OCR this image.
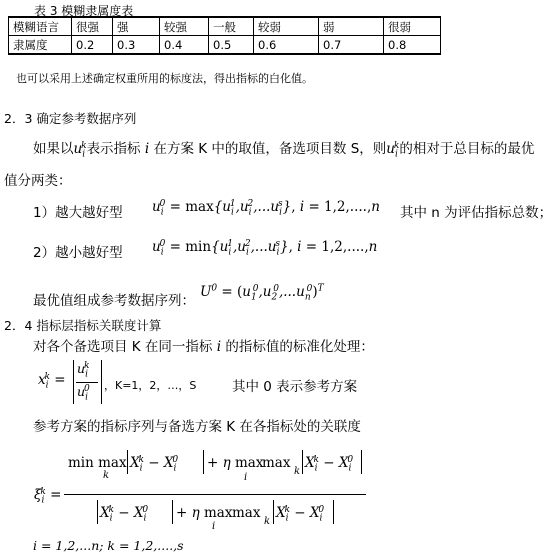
表 3 模糊隶属度表
模糊语言	很强	强	较强	一般	较弱	弱	很弱
隶属度	0.2	0.3	0.4	0.5	0.6	0.7	0.8
也可以采用上述确定权重所用的标度法，得出指标的白化值。
2．3 确定参考数据序列
如果以$u_i^k$表示指标 i 在方案 K 中的取值，备选项目数 S，则$u_i^k$的相对于总目标的最优
值分两类：
1）越大越好型 $u_i^0 = \max\{u_i^1,u_i^2,...u_i^s\}$, i = 1,2,....,n 其中 n 为评估指标总数；
2）越小越好型 $u_i^0 = \min\{u_i^1,u_i^2,...u_i^s\}$, i = 1,2,....,n
最优值组成参考数据序列：
$U^0 = (u_1^0,u_2^0,...u_n^0)^T$
2．4 指标层指标关联度计算
对各个备选项目 K 在同一指标 i 的指标值的标准化处理：
$x_i^k$ =
$u_i^k$
$u_i^0$ ，K=1，2，…，S	其中 0 表示参考方案
参考方案的指标序列与备选方案 K 在各指标处的关联度
$\xi_i^k$ =
min max
k
$X_i^k - X_i^0 + \eta$ max
i
max
k
$X_i^k - X_i^0$
$X_i^k - X_i^0 + \eta$ max
i
max
k
$X_i^k - X_i^0$
i = 1,2,...n; k = 1,2,....,s
